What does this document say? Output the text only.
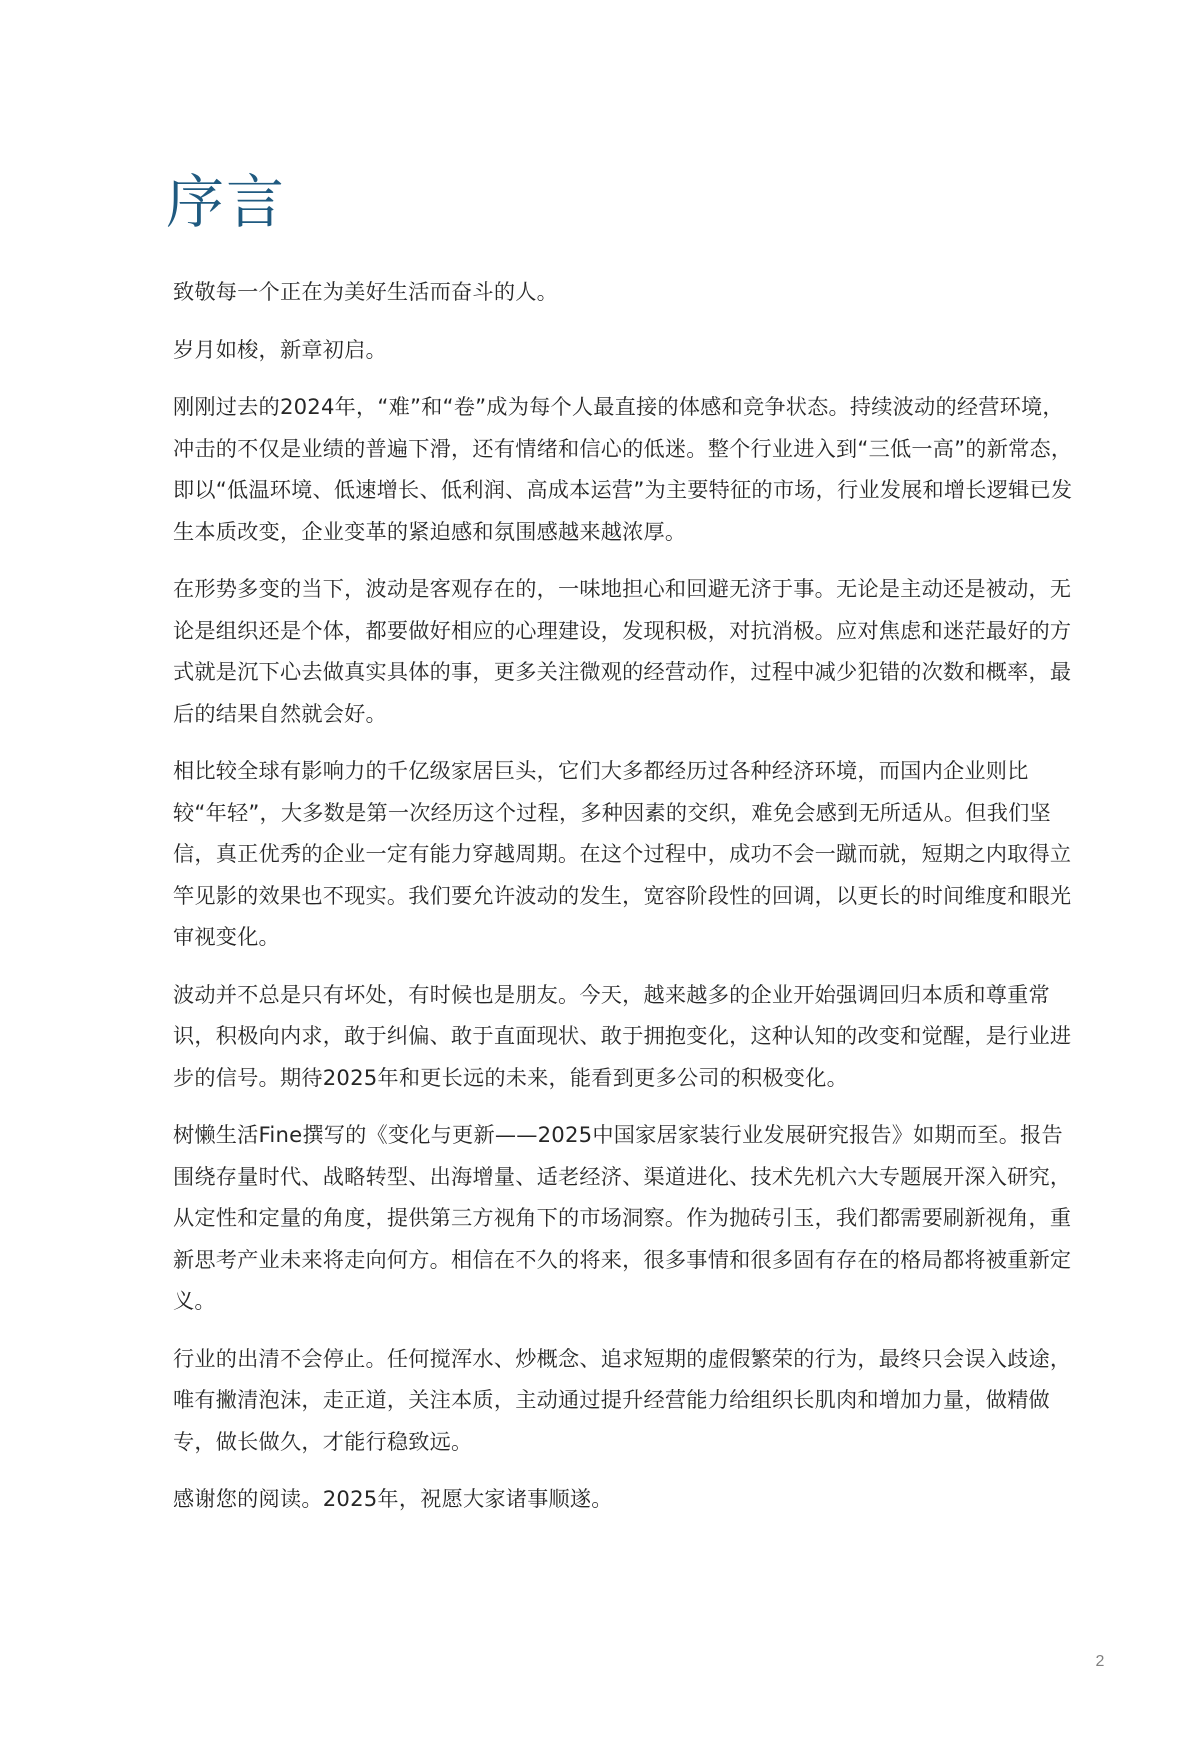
序言

致敬每一个正在为美好生活而奋斗的人。

岁月如梭，新章初启。

刚刚过去的2024年，“难”和“卷”成为每个人最直接的体感和竞争状态。持续波动的经营环境，冲击的不仅是业绩的普遍下滑，还有情绪和信心的低迷。整个行业进入到“三低一高”的新常态，即以“低温环境、低速增长、低利润、高成本运营”为主要特征的市场，行业发展和增长逻辑已发生本质改变，企业变革的紧迫感和氛围感越来越浓厚。

在形势多变的当下，波动是客观存在的，一味地担心和回避无济于事。无论是主动还是被动，无论是组织还是个体，都要做好相应的心理建设，发现积极，对抗消极。应对焦虑和迷茫最好的方式就是沉下心去做真实具体的事，更多关注微观的经营动作，过程中减少犯错的次数和概率，最后的结果自然就会好。

相比较全球有影响力的千亿级家居巨头，它们大多都经历过各种经济环境，而国内企业则比较“年轻”，大多数是第一次经历这个过程，多种因素的交织，难免会感到无所适从。但我们坚信，真正优秀的企业一定有能力穿越周期。在这个过程中，成功不会一蹴而就，短期之内取得立竿见影的效果也不现实。我们要允许波动的发生，宽容阶段性的回调，以更长的时间维度和眼光审视变化。

波动并不总是只有坏处，有时候也是朋友。今天，越来越多的企业开始强调回归本质和尊重常识，积极向内求，敢于纠偏、敢于直面现状、敢于拥抱变化，这种认知的改变和觉醒，是行业进步的信号。期待2025年和更长远的未来，能看到更多公司的积极变化。

树懒生活Fine撰写的《变化与更新——2025中国家居家装行业发展研究报告》如期而至。报告围绕存量时代、战略转型、出海增量、适老经济、渠道进化、技术先机六大专题展开深入研究，从定性和定量的角度，提供第三方视角下的市场洞察。作为抛砖引玉，我们都需要刷新视角，重新思考产业未来将走向何方。相信在不久的将来，很多事情和很多固有存在的格局都将被重新定义。

行业的出清不会停止。任何搅浑水、炒概念、追求短期的虚假繁荣的行为，最终只会误入歧途，唯有撇清泡沫，走正道，关注本质，主动通过提升经营能力给组织长肌肉和增加力量，做精做专，做长做久，才能行稳致远。

感谢您的阅读。2025年，祝愿大家诸事顺遂。

2
